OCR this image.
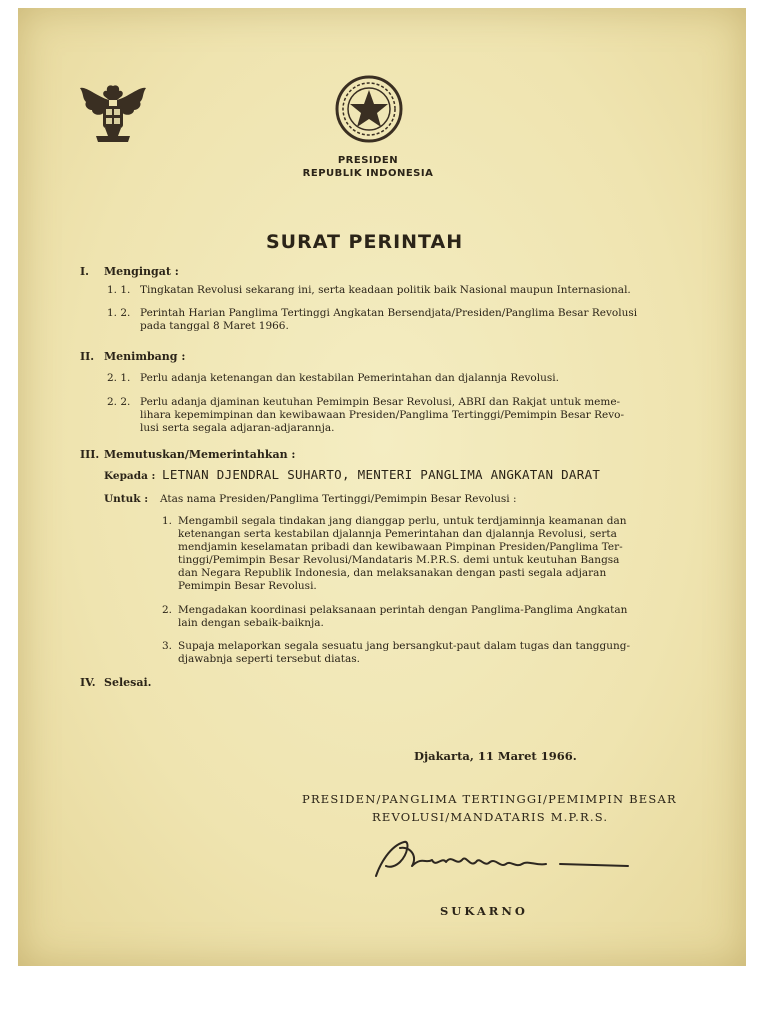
PRESIDEN
REPUBLIK INDONESIA
SURAT PERINTAH
I. Mengingat :
1. 1. Tingkatan Revolusi sekarang ini, serta keadaan politik baik Nasional maupun Internasional.
1. 2. Perintah Harian Panglima Tertinggi Angkatan Bersendjata/Presiden/Panglima Besar Revolusi
pada tanggal 8 Maret 1966.
II. Menimbang :
2. 1. Perlu adanja ketenangan dan kestabilan Pemerintahan dan djalannja Revolusi.
2. 2. Perlu adanja djaminan keutuhan Pemimpin Besar Revolusi, ABRI dan Rakjat untuk meme-
lihara kepemimpinan dan kewibawaan Presiden/Panglima Tertinggi/Pemimpin Besar Revo-
lusi serta segala adjaran-adjarannja.
III. Memutuskan/Memerintahkan :
Kepada : LETNAN DJENDRAL SUHARTO, MENTERI PANGLIMA ANGKATAN DARAT
Untuk : Atas nama Presiden/Panglima Tertinggi/Pemimpin Besar Revolusi :
1. Mengambil segala tindakan jang dianggap perlu, untuk terdjaminnja keamanan dan
ketenangan serta kestabilan djalannja Pemerintahan dan djalannja Revolusi, serta
mendjamin keselamatan pribadi dan kewibawaan Pimpinan Presiden/Panglima Ter-
tinggi/Pemimpin Besar Revolusi/Mandataris M.P.R.S. demi untuk keutuhan Bangsa
dan Negara Republik Indonesia, dan melaksanakan dengan pasti segala adjaran
Pemimpin Besar Revolusi.
2. Mengadakan koordinasi pelaksanaan perintah dengan Panglima-Panglima Angkatan
lain dengan sebaik-baiknja.
3. Supaja melaporkan segala sesuatu jang bersangkut-paut dalam tugas dan tanggung-
djawabnja seperti tersebut diatas.
IV. Selesai.
Djakarta, 11 Maret 1966.
PRESIDEN/PANGLIMA TERTINGGI/PEMIMPIN BESAR
REVOLUSI/MANDATARIS M.P.R.S.
SUKARNO
